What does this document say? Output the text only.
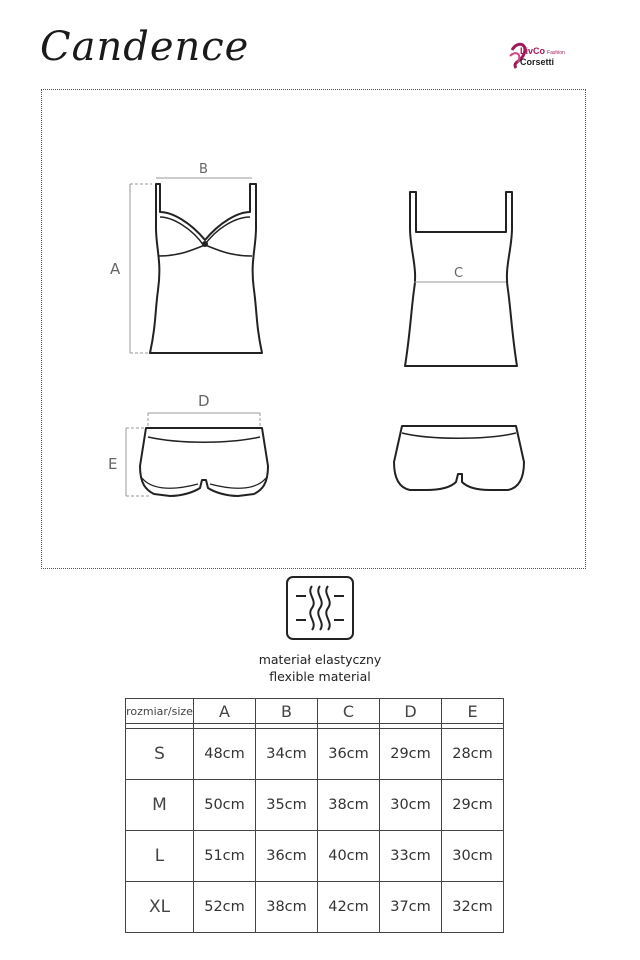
Candence	LivCo Fashion
Corsetti
A
B
C
D
E
materiał elastyczny
flexible material
rozmiar/size	A	B	C	D	E

S	48cm	34cm	36cm	29cm	28cm
M	50cm	35cm	38cm	30cm	29cm
L	51cm	36cm	40cm	33cm	30cm
XL	52cm	38cm	42cm	37cm	32cm
